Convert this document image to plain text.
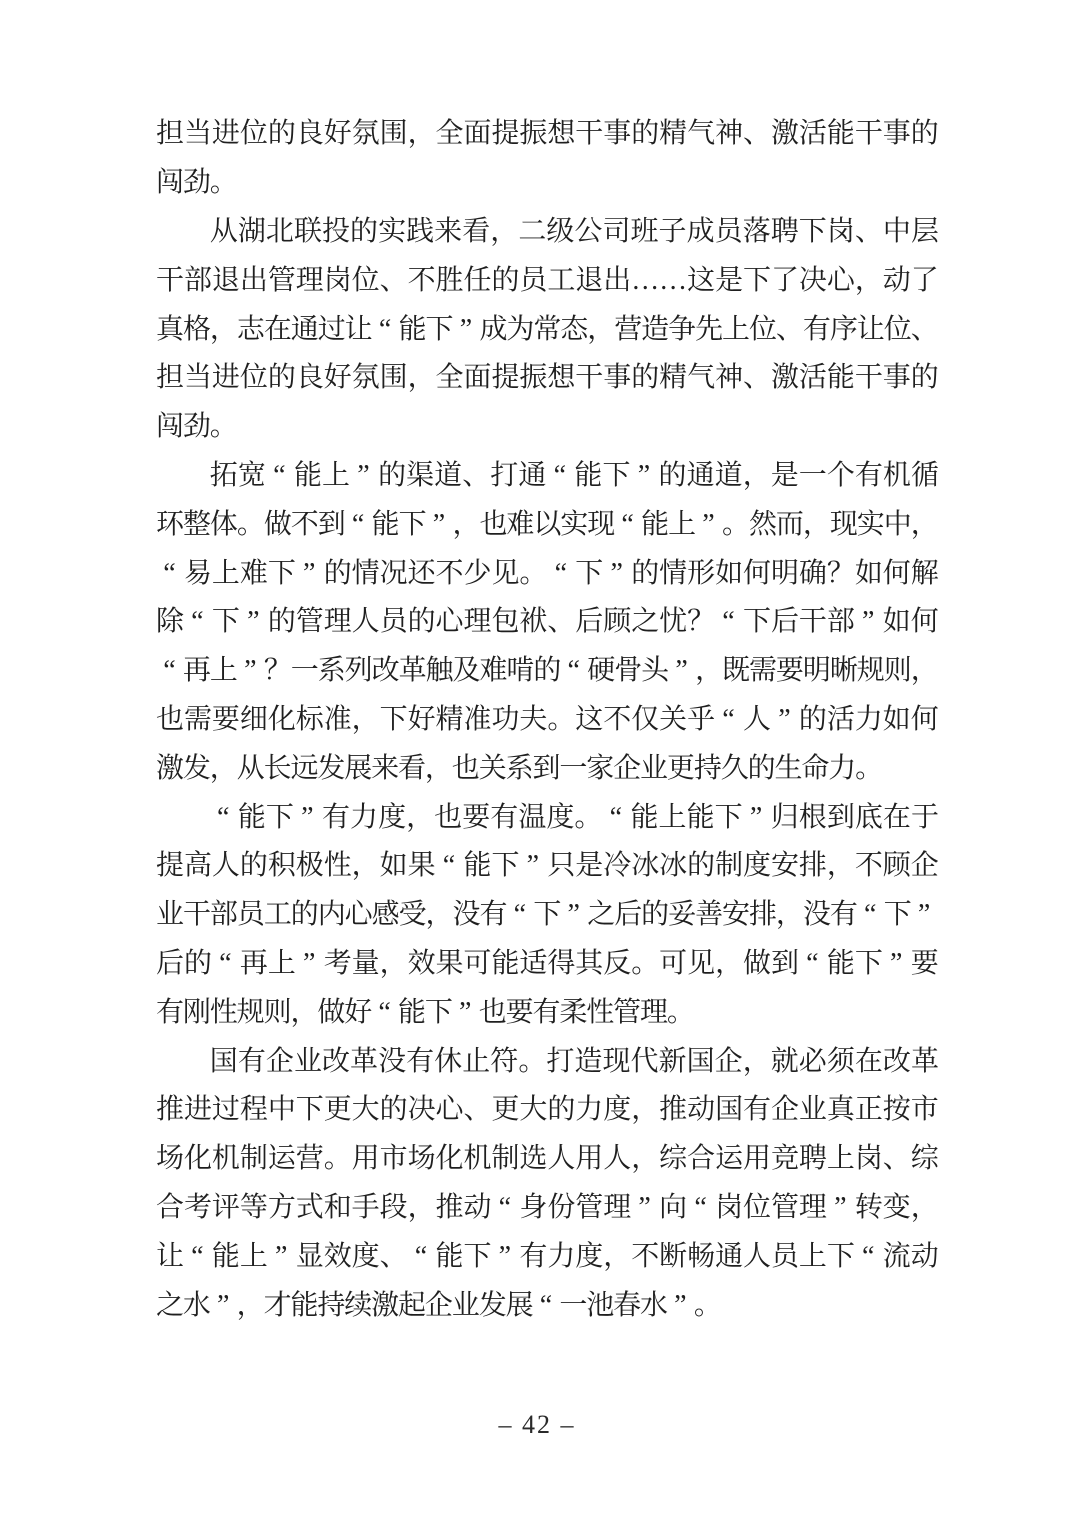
担 当 进 位 的 良 好 氛 围 ， 全 面 提 振 想 干 事 的 精 气 神 、 激 活 能 干 事 的
闯
劲
。
从 湖 北 联 投 的 实 践 来 看 ， 二 级 公 司 班 子 成 员 落 聘 下 岗 、 中 层
干 部 退 出 管 理 岗 位 、 不 胜 任 的 员 工 退 出 … … 这 是 下 了 决 心 ， 动 了
真
格
，
志
在
通
过
让 “ 能
下 ” 成
为
常
态
，
营
造
争
先
上
位
、
有
序
让
位
、
担 当 进 位 的 良 好 氛 围 ， 全 面 提 振 想 干 事 的 精 气 神 、 激 活 能 干 事 的
闯
劲
。
拓 宽 “ 能 上 ” 的 渠 道 、 打 通 “ 能 下 ” 的 通 道 ， 是 一 个 有 机 循
环
整
体
。
做
不
到 “ 能
下 ” ，
也
难
以
实
现 “ 能
上 ” 。
然
而
，
现
实
中
，
“ 易 上 难 下 ” 的 情 况 还 不 少 见 。 “ 下 ” 的 情 形 如 何 明 确 ？ 如 何 解
除 “ 下 ” 的 管 理 人 员 的 心 理 包 袱 、 后 顾 之 忧 ？ “ 下 后 干 部 ” 如 何
“ 再
上 ” ？
一
系
列
改
革
触
及
难
啃
的 “ 硬
骨
头 ” ，
既
需
要
明
晰
规
则
，
也 需 要 细 化 标 准 ， 下 好 精 准 功 夫 。 这 不 仅 关 乎 “ 人 ” 的 活 力 如 何
激
发
，
从
长
远
发
展
来
看
，
也
关
系
到
一
家
企
业
更
持
久
的
生
命
力
。
“ 能 下 ” 有 力 度 ， 也 要 有 温 度 。 “ 能 上 能 下 ” 归 根 到 底 在 于
提 高 人 的 积 极 性 ， 如 果 “ 能 下 ” 只 是 冷 冰 冰 的 制 度 安 排 ， 不 顾 企
业
干
部
员
工
的
内
心
感
受
，
没
有 “ 下 ” 之
后
的
妥
善
安
排
，
没
有 “ 下 ”
后 的 “ 再 上 ” 考 量 ， 效 果 可 能 适 得 其 反 。 可 见 ， 做 到 “ 能 下 ” 要
有
刚
性
规
则
，
做
好 “ 能
下 ” 也
要
有
柔
性
管
理
。
国 有 企 业 改 革 没 有 休 止 符 。 打 造 现 代 新 国 企 ， 就 必 须 在 改 革
推 进 过 程 中 下 更 大 的 决 心 、 更 大 的 力 度 ， 推 动 国 有 企 业 真 正 按 市
场 化 机 制 运 营 。 用 市 场 化 机 制 选 人 用 人 ， 综 合 运 用 竞 聘 上 岗 、 综
合 考 评 等 方 式 和 手 段 ， 推 动 “ 身 份 管 理 ” 向 “ 岗 位 管 理 ” 转 变 ，
让 “ 能 上 ” 显 效 度 、 “ 能 下 ” 有 力 度 ， 不 断 畅 通 人 员 上 下 “ 流 动
之
水 ” ，
才
能
持
续
激
起
企
业
发
展 “ 一
池
春
水 ” 。
– 42 –
